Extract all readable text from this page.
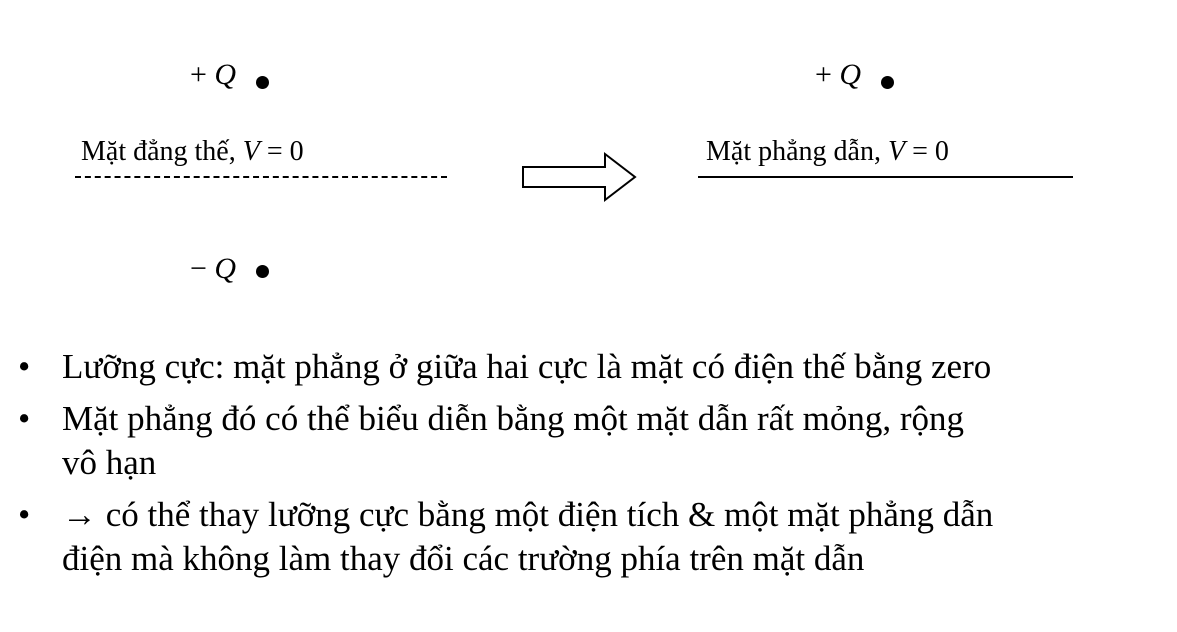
+ Q
Mặt đẳng thế, V = 0
− Q
+ Q
Mặt phẳng dẫn, V = 0
• Lưỡng cực: mặt phẳng ở giữa hai cực là mặt có điện thế bằng zero
• Mặt phẳng đó có thể biểu diễn bằng một mặt dẫn rất mỏng, rộng
vô hạn
• → có thể thay lưỡng cực bằng một điện tích & một mặt phẳng dẫn
điện mà không làm thay đổi các trường phía trên mặt dẫn
